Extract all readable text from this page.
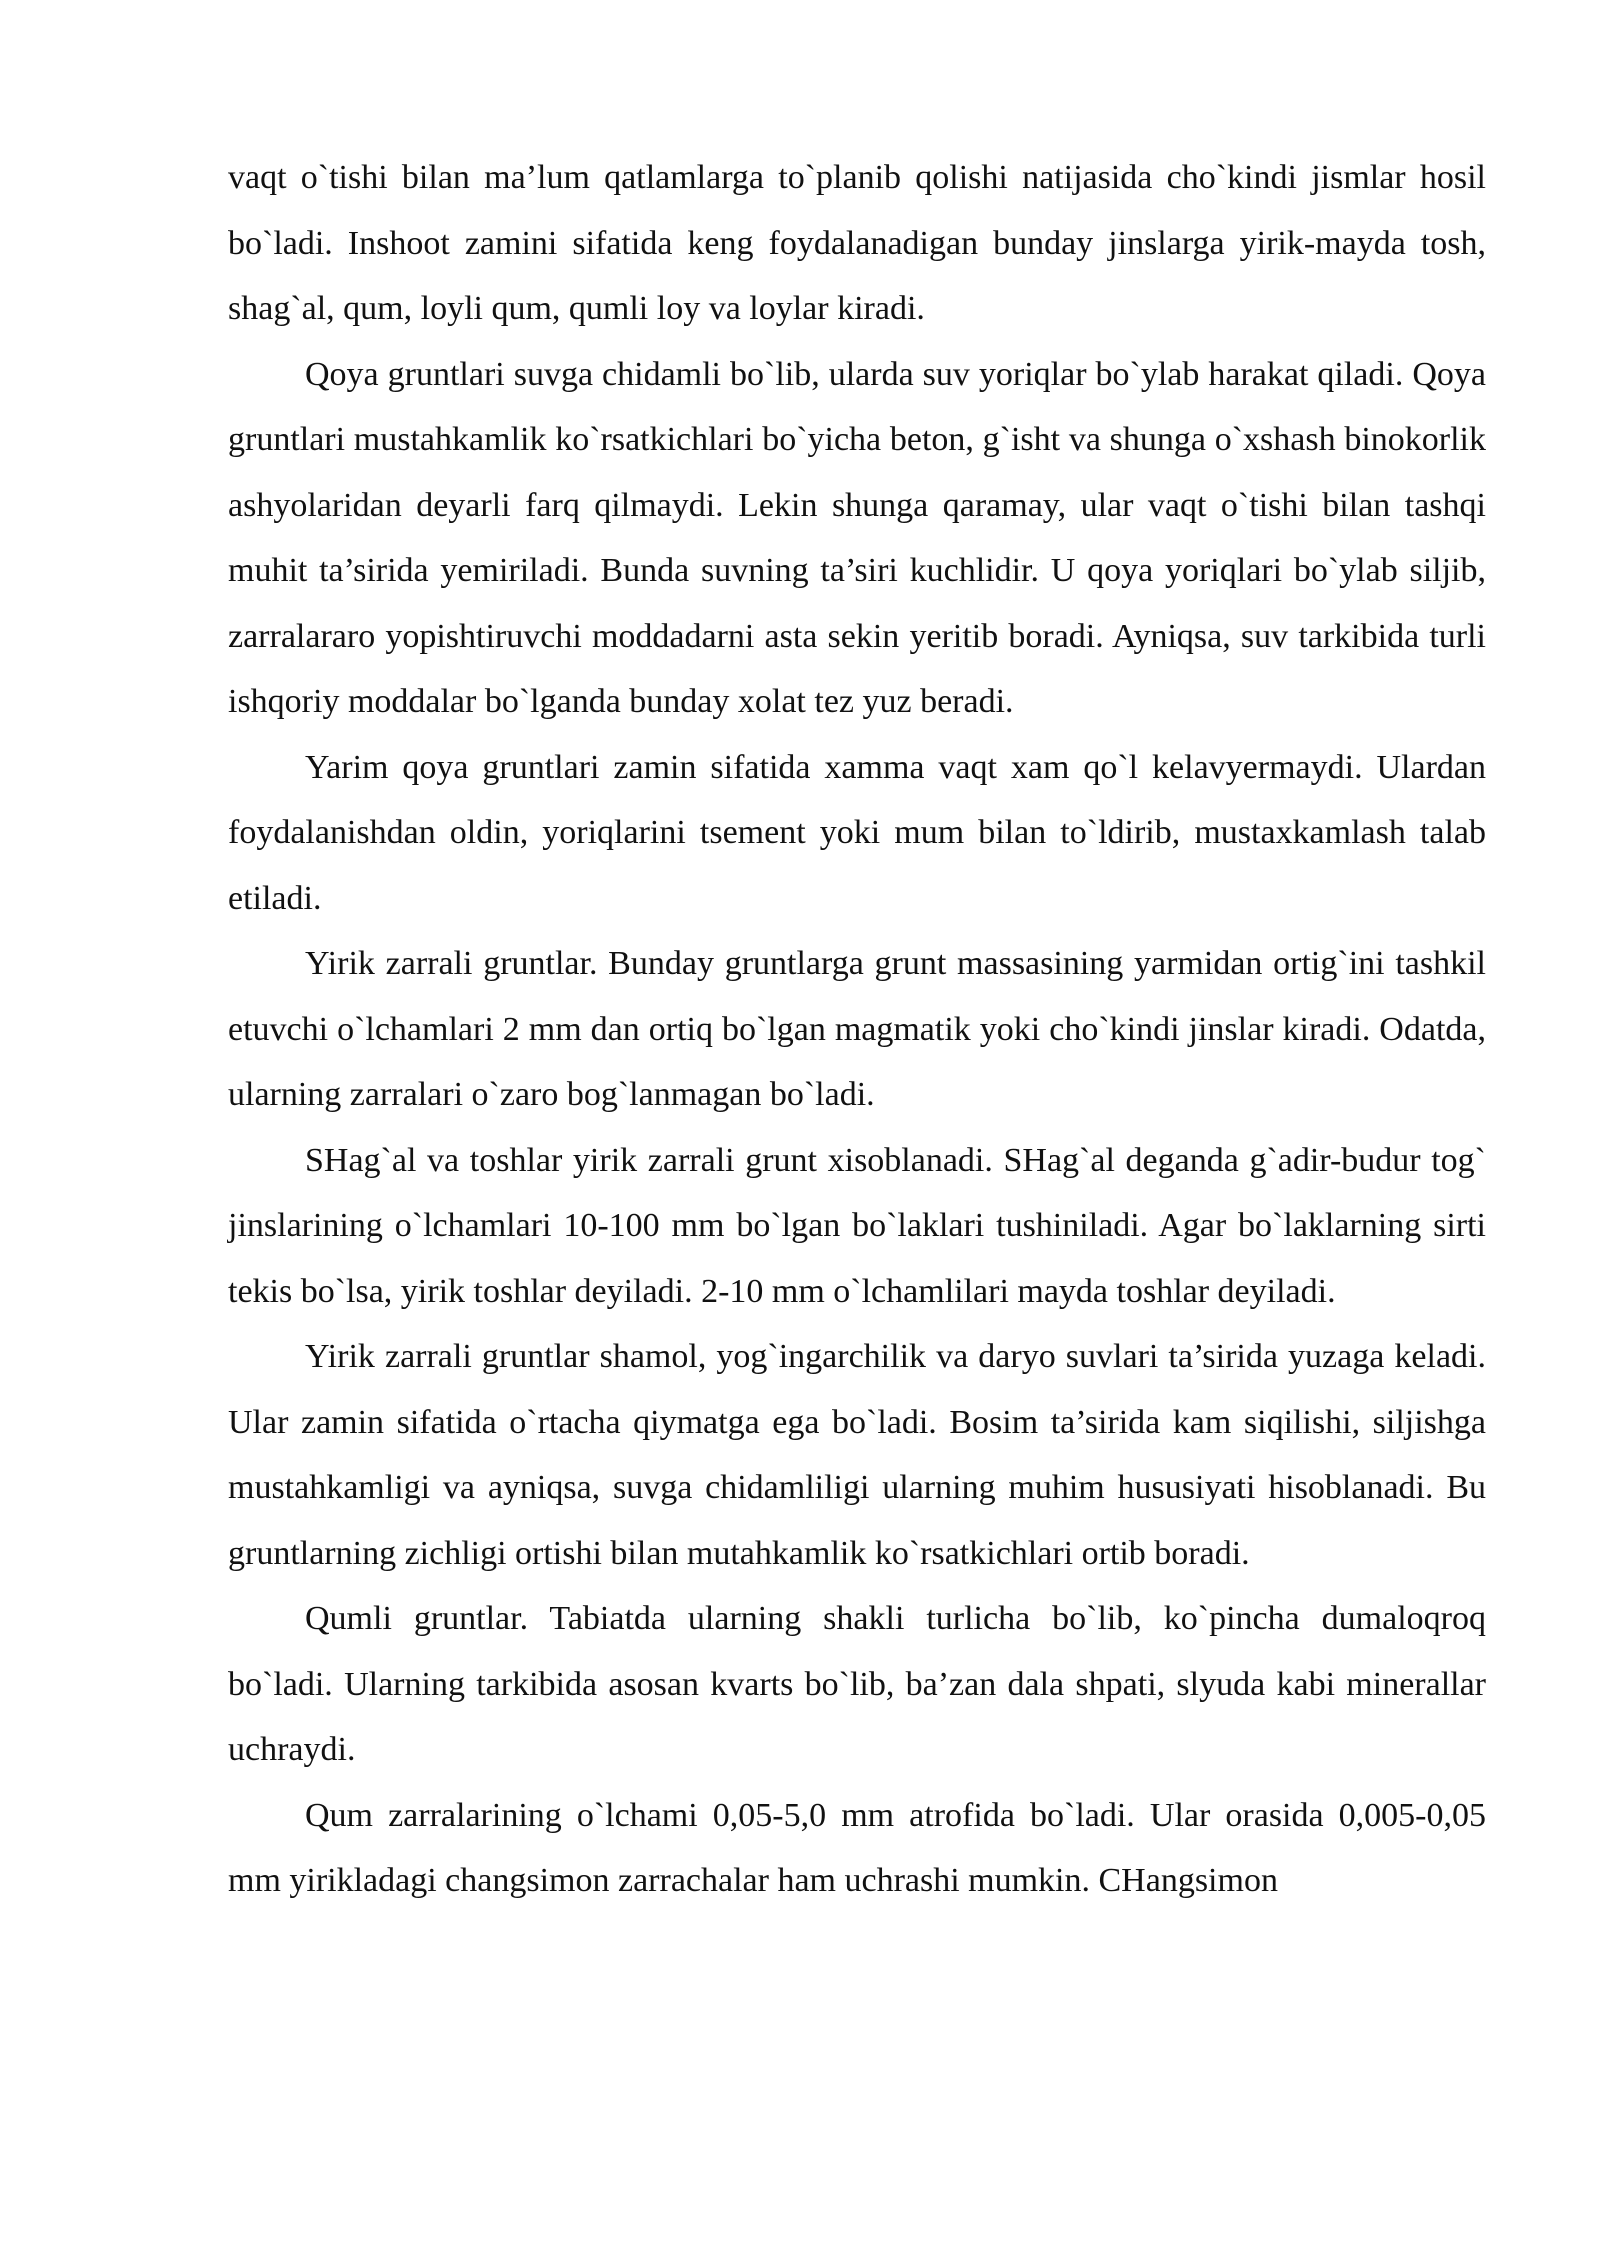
vaqt o`tishi bilan ma’lum qatlamlarga to`planib qolishi natijasida cho`kindi jismlar hosil bo`ladi. Inshoot zamini sifatida keng foydalanadigan bunday jinslarga yirik-mayda tosh, shag`al, qum, loyli qum, qumli loy va loylar kiradi.

Qoya gruntlari suvga chidamli bo`lib, ularda suv yoriqlar bo`ylab harakat qiladi. Qoya gruntlari mustahkamlik ko`rsatkichlari bo`yicha beton, g`isht va shunga o`xshash binokorlik ashyolaridan deyarli farq qilmaydi. Lekin shunga qaramay, ular vaqt o`tishi bilan tashqi muhit ta’sirida yemiriladi. Bunda suvning ta’siri kuchlidir. U qoya yoriqlari bo`ylab siljib, zarralararo yopishtiruvchi moddadarni asta sekin yeritib boradi. Ayniqsa, suv tarkibida turli ishqoriy moddalar bo`lganda bunday xolat tez yuz beradi.

Yarim qoya gruntlari zamin sifatida xamma vaqt xam qo`l kelavyermaydi. Ulardan foydalanishdan oldin, yoriqlarini tsement yoki mum bilan to`ldirib, mustaxkamlash talab etiladi.

Yirik zarrali gruntlar. Bunday gruntlarga grunt massasining yarmidan ortig`ini tashkil etuvchi o`lchamlari 2 mm dan ortiq bo`lgan magmatik yoki cho`kindi jinslar kiradi. Odatda, ularning zarralari o`zaro bog`lanmagan bo`ladi.

SHag`al va toshlar yirik zarrali grunt xisoblanadi. SHag`al deganda g`adir-budur tog` jinslarining o`lchamlari 10-100 mm bo`lgan bo`laklari tushiniladi. Agar bo`laklarning sirti tekis bo`lsa, yirik toshlar deyiladi. 2-10 mm o`lchamlilari mayda toshlar deyiladi.

Yirik zarrali gruntlar shamol, yog`ingarchilik va daryo suvlari ta’sirida yuzaga keladi. Ular zamin sifatida o`rtacha qiymatga ega bo`ladi. Bosim ta’sirida kam siqilishi, siljishga mustahkamligi va ayniqsa, suvga chidamliligi ularning muhim hususiyati hisoblanadi. Bu gruntlarning zichligi ortishi bilan mutahkamlik ko`rsatkichlari ortib boradi.

Qumli gruntlar. Tabiatda ularning shakli turlicha bo`lib, ko`pincha dumaloqroq bo`ladi. Ularning tarkibida asosan kvarts bo`lib, ba’zan dala shpati, slyuda kabi minerallar uchraydi.

Qum zarralarining o`lchami 0,05-5,0 mm atrofida bo`ladi. Ular orasida 0,005-0,05 mm yirikladagi changsimon zarrachalar ham uchrashi mumkin. CHangsimon
